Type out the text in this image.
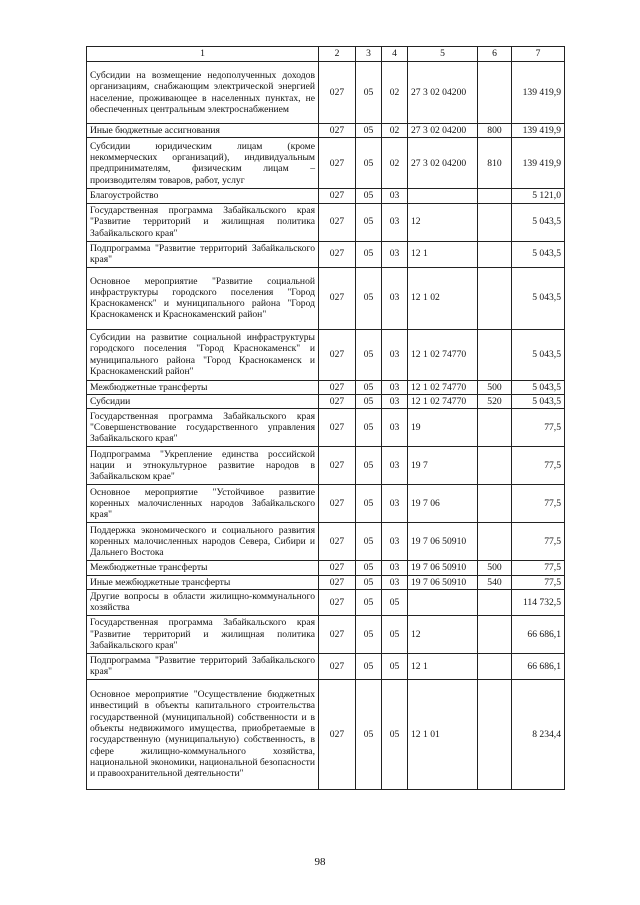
1	2	3	4	5	6	7
Субсидии на возмещение недополученных доходов организациям, снабжающим электрической энергией население, проживающее в населенных пунктах, не обеспеченных центральным электроснабжением	027	05	02	27 3 02 04200		139 419,9
Иные бюджетные ассигнования	027	05	02	27 3 02 04200	800	139 419,9
Субсидии юридическим лицам (кроме некоммерческих организаций), индивидуальным предпринимателям, физическим лицам – производителям товаров, работ, услуг	027	05	02	27 3 02 04200	810	139 419,9
Благоустройство	027	05	03			5 121,0
Государственная программа Забайкальского края "Развитие территорий и жилищная политика Забайкальского края"	027	05	03	12		5 043,5
Подпрограмма "Развитие территорий Забайкальского края"	027	05	03	12 1		5 043,5
Основное мероприятие "Развитие социальной инфраструктуры городского поселения "Город Краснокаменск" и муниципального района "Город Краснокаменск и Краснокаменский район"	027	05	03	12 1 02		5 043,5
Субсидии на развитие социальной инфраструктуры городского поселения "Город Краснокаменск" и муниципального района "Город Краснокаменск и Краснокаменский район"	027	05	03	12 1 02 74770		5 043,5
Межбюджетные трансферты	027	05	03	12 1 02 74770	500	5 043,5
Субсидии	027	05	03	12 1 02 74770	520	5 043,5
Государственная программа Забайкальского края "Совершенствование государственного управления Забайкальского края"	027	05	03	19		77,5
Подпрограмма "Укрепление единства российской нации и этнокультурное развитие народов в Забайкальском крае"	027	05	03	19 7		77,5
Основное мероприятие "Устойчивое развитие коренных малочисленных народов Забайкальского края"	027	05	03	19 7 06		77,5
Поддержка экономического и социального развития коренных малочисленных народов Севера, Сибири и Дальнего Востока	027	05	03	19 7 06 50910		77,5
Межбюджетные трансферты	027	05	03	19 7 06 50910	500	77,5
Иные межбюджетные трансферты	027	05	03	19 7 06 50910	540	77,5
Другие вопросы в области жилищно-коммунального хозяйства	027	05	05			114 732,5
Государственная программа Забайкальского края "Развитие территорий и жилищная политика Забайкальского края"	027	05	05	12		66 686,1
Подпрограмма "Развитие территорий Забайкальского края"	027	05	05	12 1		66 686,1
Основное мероприятие "Осуществление бюджетных инвестиций в объекты капитального строительства государственной (муниципальной) собственности и в объекты недвижимого имущества, приобретаемые в государственную (муниципальную) собственность, в сфере жилищно-коммунального хозяйства, национальной экономики, национальной безопасности и правоохранительной деятельности"	027	05	05	12 1 01		8 234,4
98
